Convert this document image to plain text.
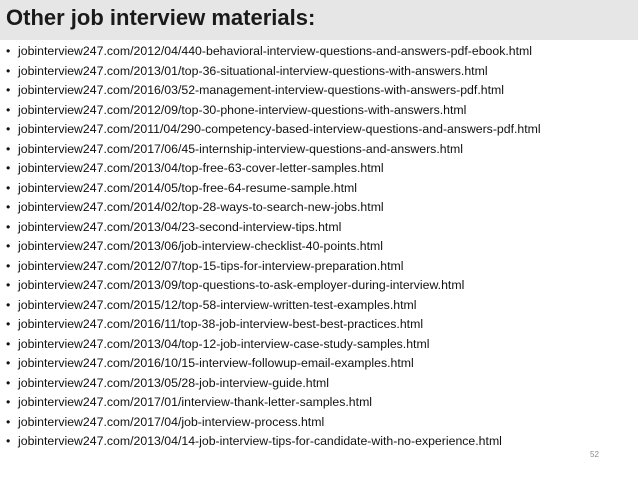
Other job interview materials:
• jobinterview247.com/2012/04/440-behavioral-interview-questions-and-answers-pdf-ebook.html
• jobinterview247.com/2013/01/top-36-situational-interview-questions-with-answers.html
• jobinterview247.com/2016/03/52-management-interview-questions-with-answers-pdf.html
• jobinterview247.com/2012/09/top-30-phone-interview-questions-with-answers.html
• jobinterview247.com/2011/04/290-competency-based-interview-questions-and-answers-pdf.html
• jobinterview247.com/2017/06/45-internship-interview-questions-and-answers.html
• jobinterview247.com/2013/04/top-free-63-cover-letter-samples.html
• jobinterview247.com/2014/05/top-free-64-resume-sample.html
• jobinterview247.com/2014/02/top-28-ways-to-search-new-jobs.html
• jobinterview247.com/2013/04/23-second-interview-tips.html
• jobinterview247.com/2013/06/job-interview-checklist-40-points.html
• jobinterview247.com/2012/07/top-15-tips-for-interview-preparation.html
• jobinterview247.com/2013/09/top-questions-to-ask-employer-during-interview.html
• jobinterview247.com/2015/12/top-58-interview-written-test-examples.html
• jobinterview247.com/2016/11/top-38-job-interview-best-best-practices.html
• jobinterview247.com/2013/04/top-12-job-interview-case-study-samples.html
• jobinterview247.com/2016/10/15-interview-followup-email-examples.html
• jobinterview247.com/2013/05/28-job-interview-guide.html
• jobinterview247.com/2017/01/interview-thank-letter-samples.html
• jobinterview247.com/2017/04/job-interview-process.html
• jobinterview247.com/2013/04/14-job-interview-tips-for-candidate-with-no-experience.html
52
